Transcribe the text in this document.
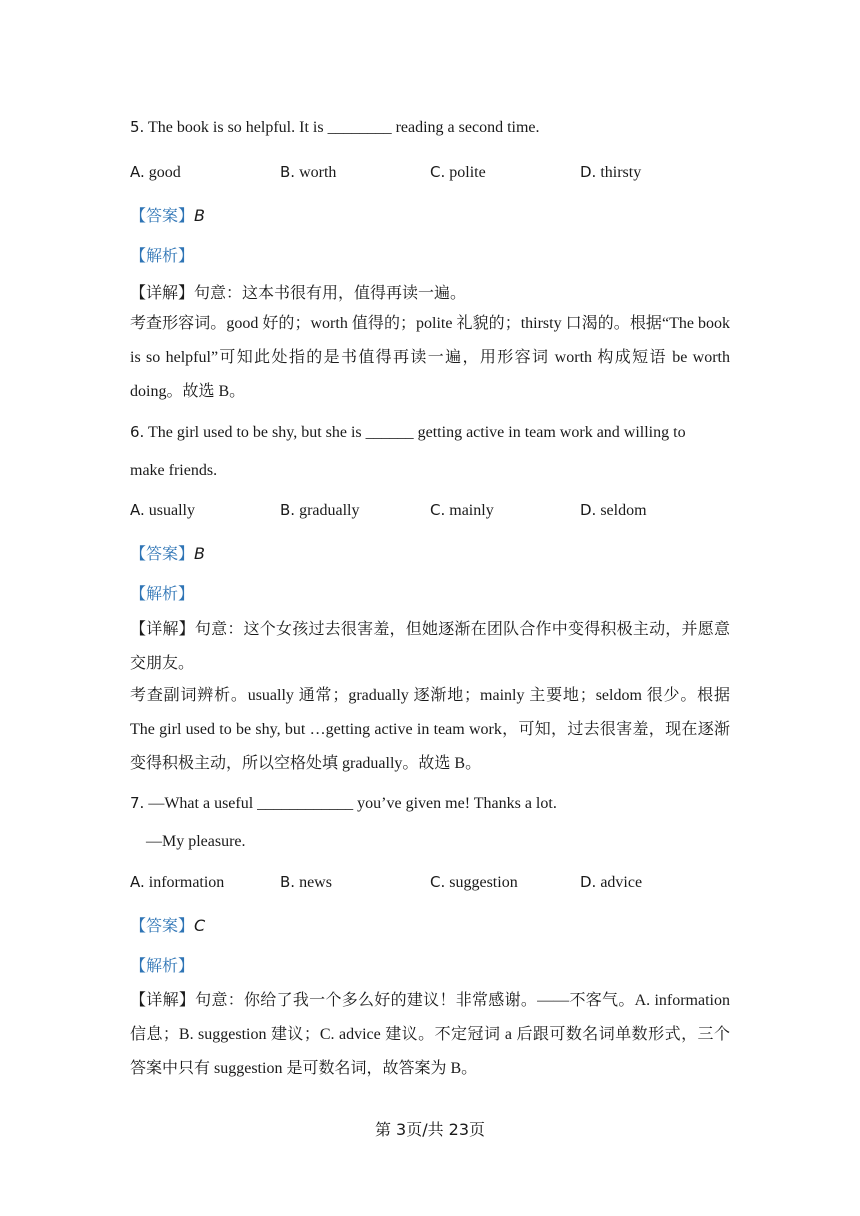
5. The book is so helpful. It is ________ reading a second time.
A. good	B. worth	C. polite	D. thirsty
【答案】B
【解析】
【详解】句意：这本书很有用，值得再读一遍。
考查形容词。good 好的；worth 值得的；polite 礼貌的；thirsty 口渴的。根据“The book is so helpful”可知此处指的是书值得再读一遍，用形容词 worth 构成短语 be worth doing。故选 B。
6. The girl used to be shy, but she is ______ getting active in team work and willing to
make friends.
A. usually	B. gradually	C. mainly	D. seldom
【答案】B
【解析】
【详解】句意：这个女孩过去很害羞，但她逐渐在团队合作中变得积极主动，并愿意交朋友。
考查副词辨析。usually 通常；gradually 逐渐地；mainly 主要地；seldom 很少。根据 The girl used to be shy, but …getting active in team work，可知，过去很害羞，现在逐渐变得积极主动，所以空格处填 gradually。故选 B。
7. —What a useful ____________ you’ve given me! Thanks a lot.
—My pleasure.
A. information	B. news	C. suggestion	D. advice
【答案】C
【解析】
【详解】句意：你给了我一个多么好的建议！非常感谢。——不客气。A. information 信息；B. suggestion 建议；C. advice 建议。不定冠词 a 后跟可数名词单数形式，三个答案中只有 suggestion 是可数名词，故答案为 B。
第 3页/共 23页
